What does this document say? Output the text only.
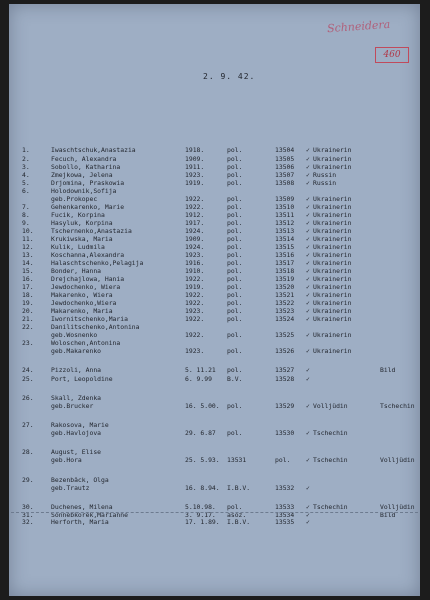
Schneidera
460
2. 9. 42.
1.	Iwaschtschuk,Anastazia	1918.	pol.	13504 ✓ Ukrainerin
2.	Fecuch, Alexandra	1909.	pol.	13505 ✓ Ukrainerin
3.	Sobollo, Katharina	1911.	pol.	13506 ✓ Ukrainerin
4.	Zmejkowa, Jelena	1923.	pol.	13507 ✓ Russin
5.	Drjomina, Praskowia	1919.	pol.	13508 ✓ Russin
6.	Holodownik,Sofija
geb.Prokopec	1922.	pol.	13509 ✓ Ukrainerin
7.	Gehenkarenko, Marie	1922.	pol.	13510 ✓ Ukrainerin
8.	Fucik, Korpina	1912.	pol.	13511 ✓ Ukrainerin
9.	Hasyluk, Korpina	1917.	pol.	13512 ✓ Ukrainerin
10.	Tschernenko,Anastazia	1924.	pol.	13513 ✓ Ukrainerin
11.	Krukiwska, Maria	1909.	pol.	13514 ✓ Ukrainerin
12.	Kulik, Ludmila	1924.	pol.	13515 ✓ Ukrainerin
13.	Koschanna,Alexandra	1923.	pol.	13516 ✓ Ukrainerin
14.	Halaschtschenko,Pelagija	1916.	pol.	13517 ✓ Ukrainerin
15.	Bonder, Hanna	1910.	pol.	13518 ✓ Ukrainerin
16.	Drejchajlowa, Hania	1922.	pol.	13519 ✓ Ukrainerin
17.	Jewdochenko, Wiera	1919.	pol.	13520 ✓ Ukrainerin
18.	Makarenko, Wiera	1922.	pol.	13521 ✓ Ukrainerin
19.	Jewdochenko,Wiera	1922.	pol.	13522 ✓ Ukrainerin
20.	Makarenko, Maria	1923.	pol.	13523 ✓ Ukrainerin
21.	Iwornitschenko,Maria	1922.	pol.	13524 ✓ Ukrainerin
22.	Danilitschenko,Antonina
geb.Wosnenko	1922.	pol.	13525 ✓ Ukrainerin
23.	Woloschen,Antonina
geb.Makarenko	1923.	pol.	13526 ✓ Ukrainerin
24.	Pizzoli, Anna	5. 11.21 pol.	13527 ✓	Bild
25.	Port, Leopoldine	6. 9.99 B.V.	13528 ✓
26.	Skall, Zdenka
geb.Brucker	16. 5.00. pol.	13529 ✓ Volljüdin	Tschechin
27.	Rakosova, Marie
geb.Havlojova	29. 6.87 pol.	13530 ✓ Tschechin
28.	August, Elise
geb.Hora	25. 5.93. 13531	pol. ✓ Tschechin	Volljüdin
29.	Bezenbäck, Olga
geb.Trautz	16. 8.94. I.B.V.	13532 ✓
30.	Duchenes, Milena	5.10.98. pol.	13533 ✓ Tschechin	Volljüdin
31.	Sonnebkorek,Marianne	3. 9.17. asoz.	13534 ✓	Bild
32.	Herforth, Maria	17. 1.89. I.B.V.	13535 ✓
